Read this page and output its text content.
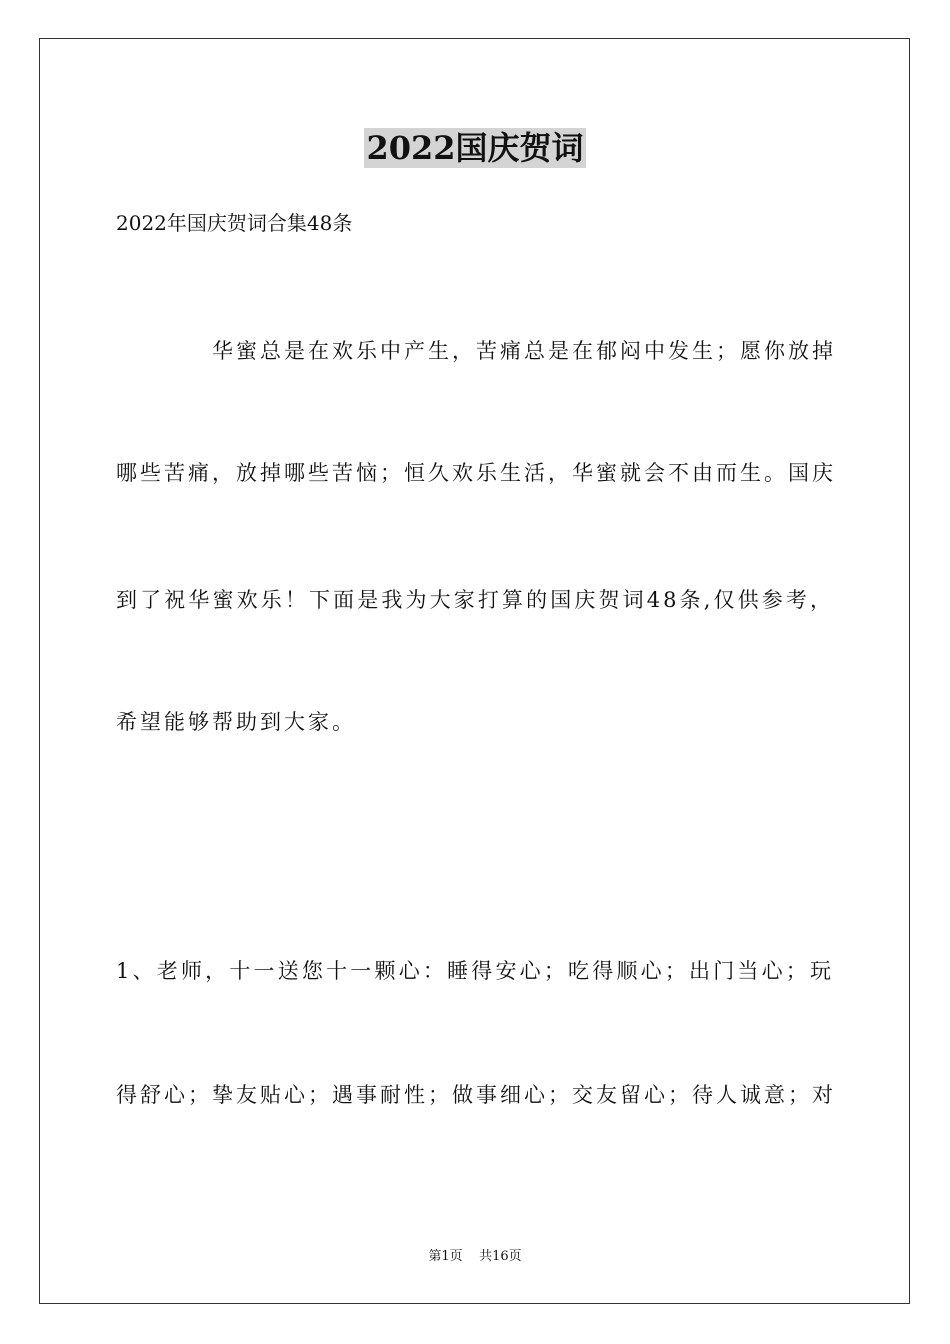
2022国庆贺词
2022年国庆贺词合集48条
华蜜总是在欢乐中产生，苦痛总是在郁闷中发生；愿你放掉
哪些苦痛，放掉哪些苦恼；恒久欢乐生活，华蜜就会不由而生。国庆
到了祝华蜜欢乐！下面是我为大家打算的国庆贺词48条,仅供参考，
希望能够帮助到大家。
1、老师，十一送您十一颗心：睡得安心；吃得顺心；出门当心；玩
得舒心；挚友贴心；遇事耐性；做事细心；交友留心；待人诚意；对
第1页    共16页
